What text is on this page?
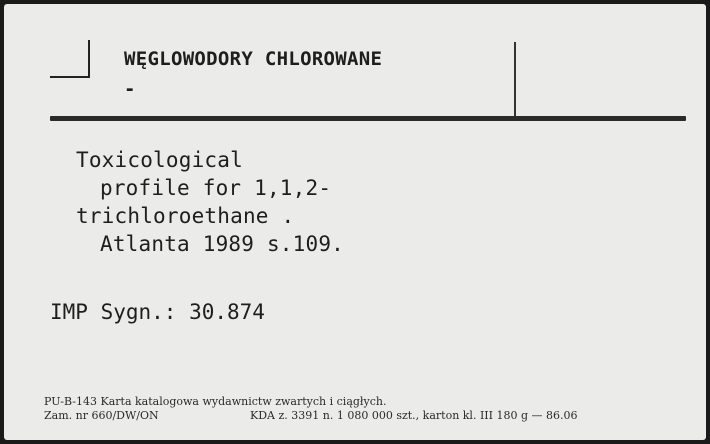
WĘGLOWODORY CHLOROWANE
-
Toxicological
profile for 1,1,2-
trichloroethane .
Atlanta 1989 s.109.
IMP Sygn.: 30.874
PU-B-143 Karta katalogowa wydawnictw zwartych i ciągłych.
Zam. nr 660/DW/ON	KDA z. 3391 n. 1 080 000 szt., karton kl. III 180 g — 86.06
